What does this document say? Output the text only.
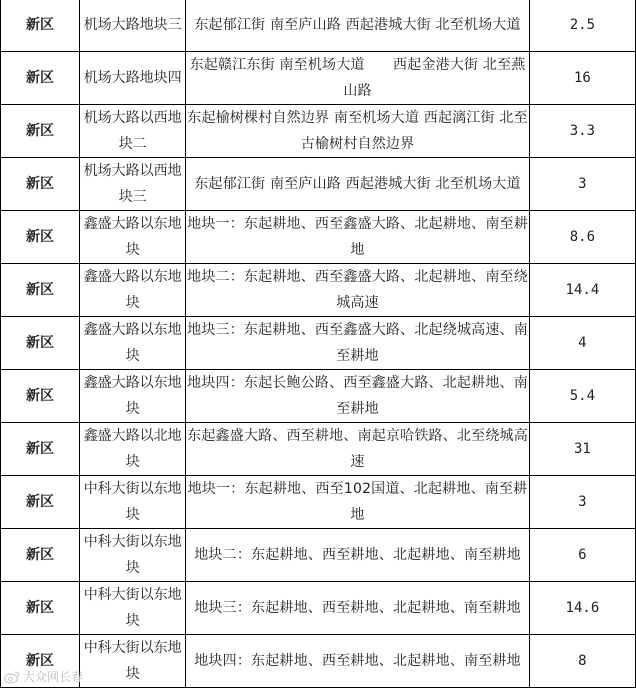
新区	机场大路地块三	东起郁江街 南至庐山路 西起港城大街 北至机场大道	2.5
新区	机场大路地块四	东起赣江东街 南至机场大道　　西起金港大街 北至燕山路	16
新区	机场大路以西地块二	东起榆树棵村自然边界 南至机场大道 西起漓江街 北至古榆树村自然边界	3.3
新区	机场大路以西地块三	东起郁江街 南至庐山路 西起港城大街 北至机场大道	3
新区	鑫盛大路以东地块	地块一：东起耕地、西至鑫盛大路、北起耕地、南至耕地	8.6
新区	鑫盛大路以东地块	地块二：东起耕地、西至鑫盛大路、北起耕地、南至绕城高速	14.4
新区	鑫盛大路以东地块	地块三：东起耕地、西至鑫盛大路、北起绕城高速、南至耕地	4
新区	鑫盛大路以东地块	地块四：东起长鲍公路、西至鑫盛大路、北起耕地、南至耕地	5.4
新区	鑫盛大路以北地块	东起鑫盛大路、西至耕地、南起京哈铁路、北至绕城高速	31
新区	中科大街以东地块	地块一：东起耕地、西至102国道、北起耕地、南至耕地	3
新区	中科大街以东地块	地块二：东起耕地、西至耕地、北起耕地、南至耕地	6
新区	中科大街以东地块	地块三：东起耕地、西至耕地、北起耕地、南至耕地	14.6
新区	中科大街以东地块	地块四：东起耕地、西至耕地、北起耕地、南至耕地	8
大众网长春
